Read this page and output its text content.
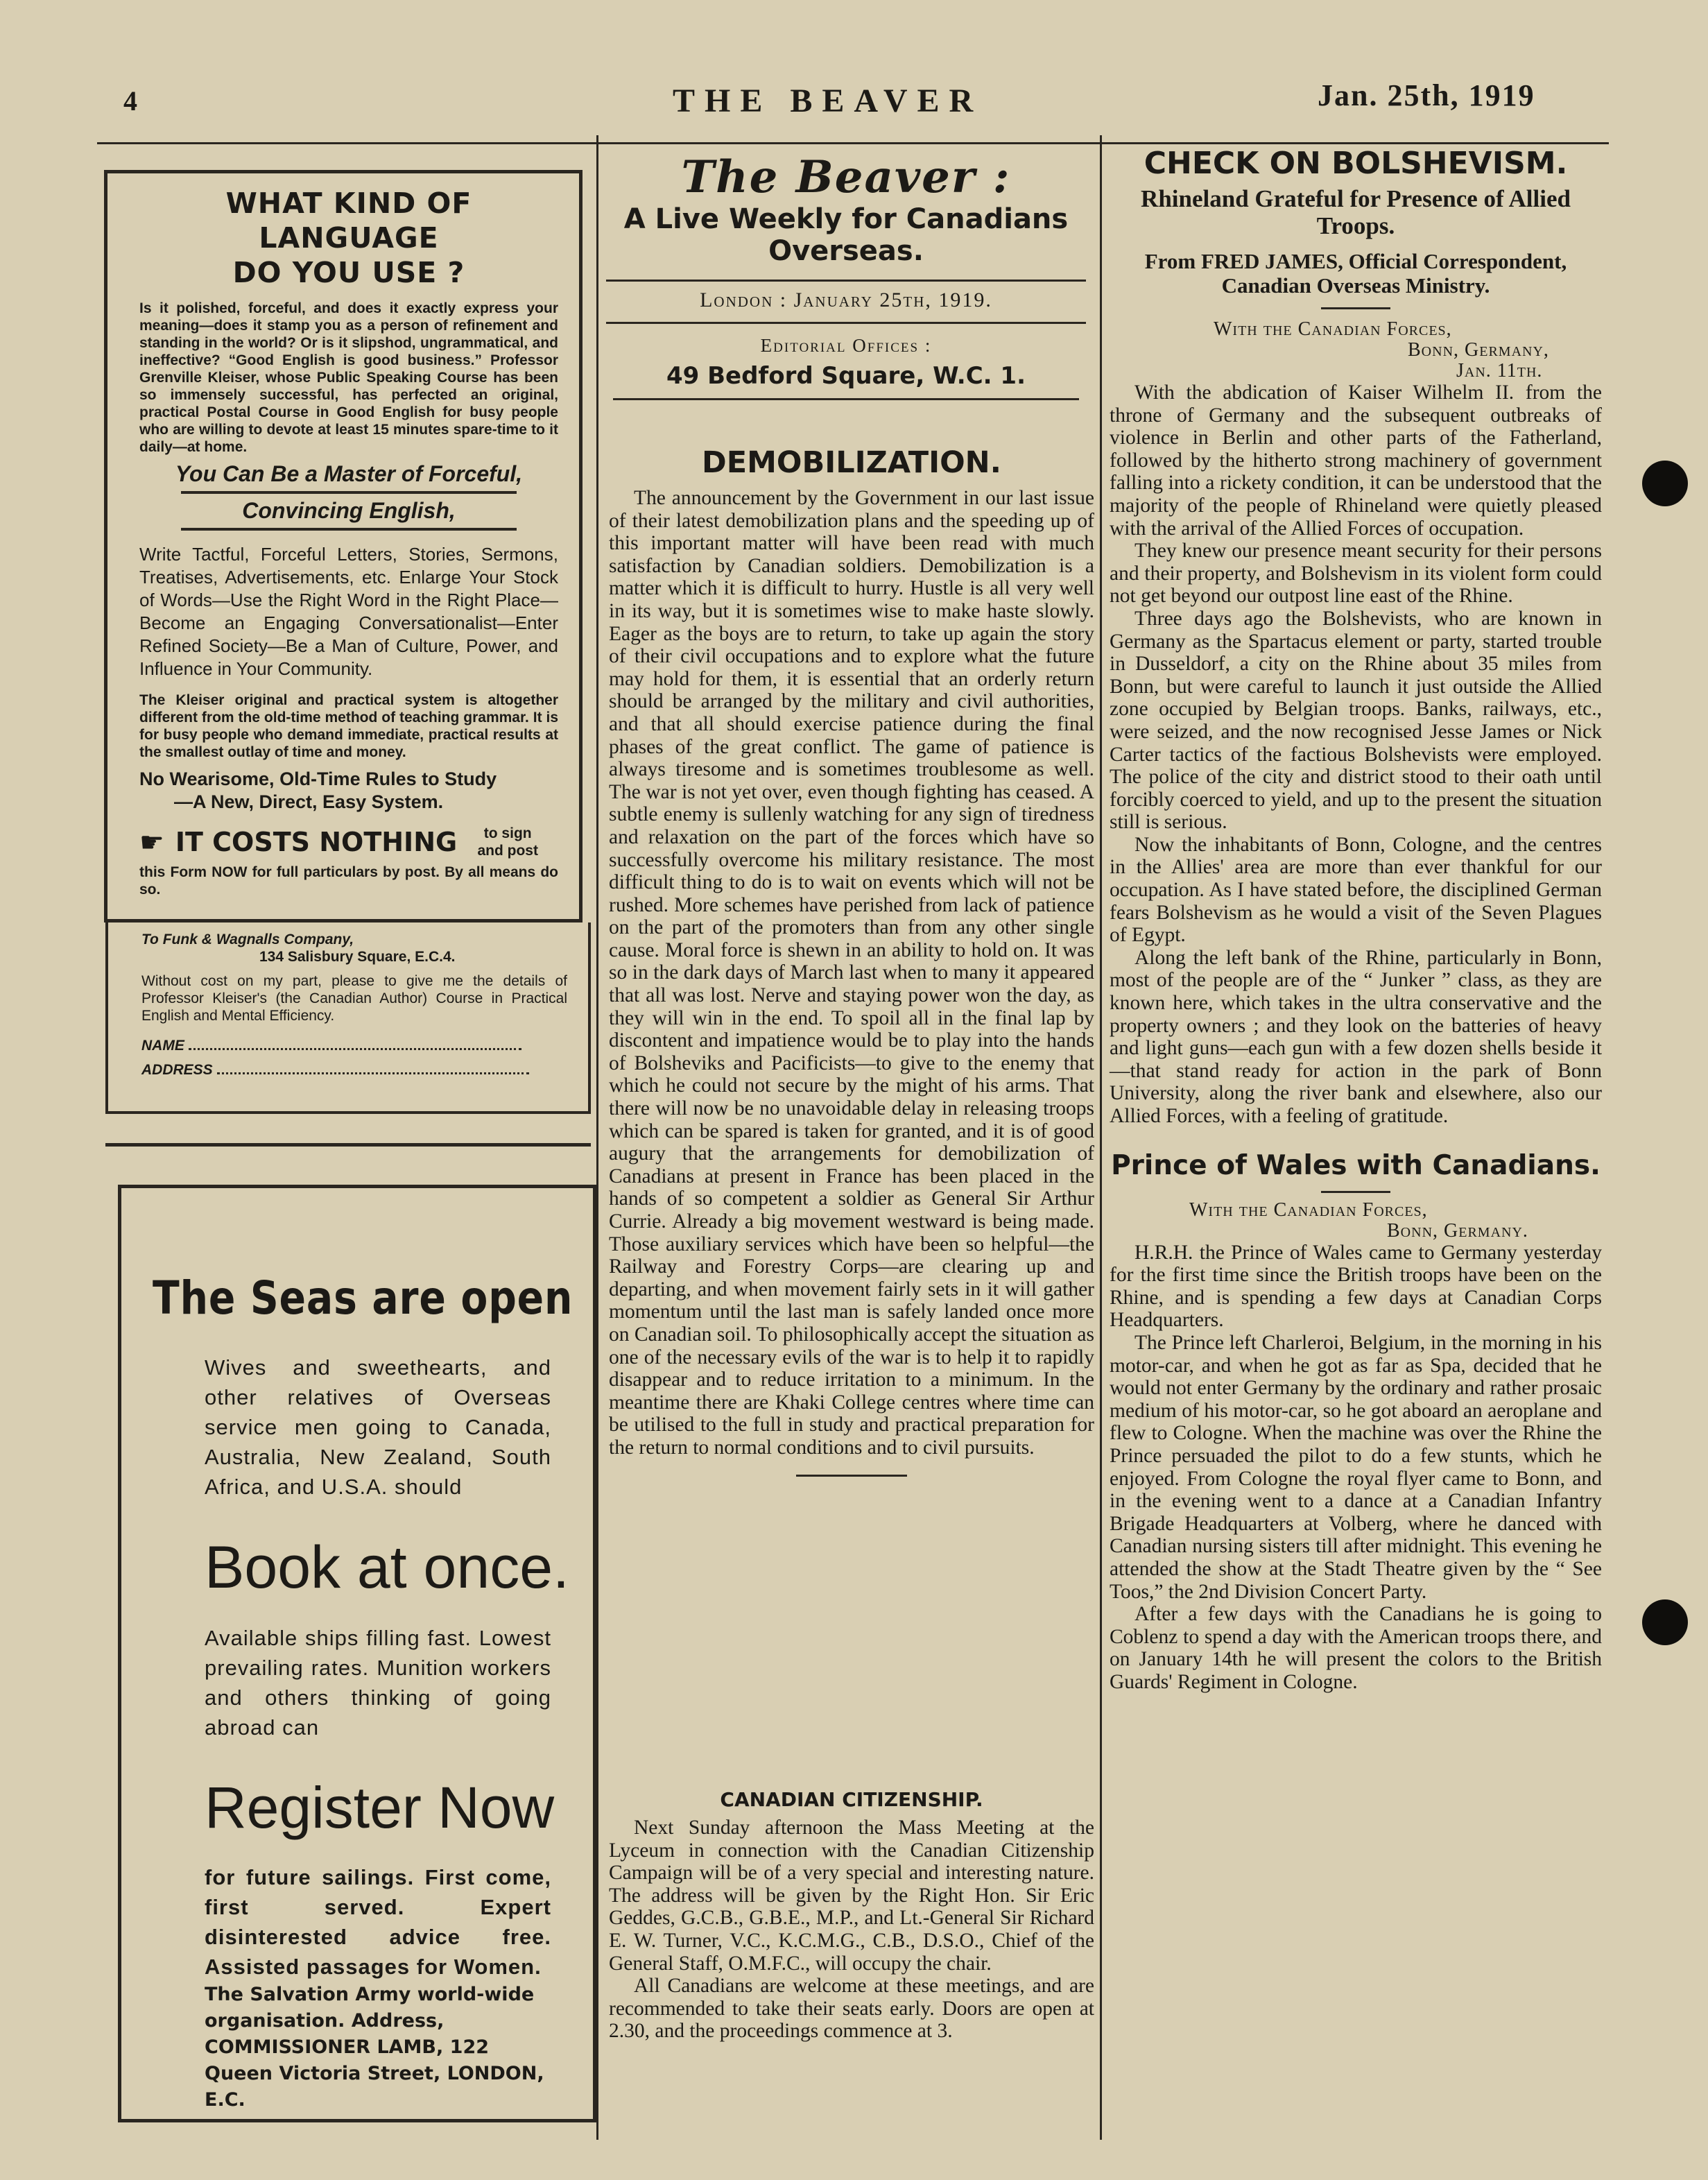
4	THE BEAVER	Jan. 25th, 1919
WHAT KIND OF LANGUAGE
DO YOU USE ?
Is it polished, forceful, and does it exactly express your meaning—does it stamp you as a person of refinement and standing in the world? Or is it slipshod, ungrammatical, and ineffective? “Good English is good business.” Professor Grenville Kleiser, whose Public Speaking Course has been so immensely successful, has perfected an original, practical Postal Course in Good English for busy people who are willing to devote at least 15 minutes spare-time to it daily—at home.
You Can Be a Master of Forceful,
Convincing English,
Write Tactful, Forceful Letters, Stories, Sermons, Treatises, Advertisements, etc. Enlarge Your Stock of Words—Use the Right Word in the Right Place—Become an Engaging Conversationalist—Enter Refined Society—Be a Man of Culture, Power, and Influence in Your Community.
The Kleiser original and practical system is altogether different from the old-time method of teaching grammar. It is for busy people who demand immediate, practical results at the smallest outlay of time and money.
No Wearisome, Old-Time Rules to Study
—A New, Direct, Easy System.
☛ IT COSTS NOTHING	to sign and post
this Form NOW for full particulars by post. By all means do so.
To Funk & Wagnalls Company,
134 Salisbury Square, E.C.4.
Without cost on my part, please to give me the details of Professor Kleiser's (the Canadian Author) Course in Practical English and Mental Efficiency.
NAME
ADDRESS
The Seas are open
Wives and sweethearts, and other relatives of Overseas service men going to Canada, Australia, New Zealand, South Africa, and U.S.A. should
Book at once.
Available ships filling fast. Lowest prevailing rates. Munition workers and others thinking of going abroad can
Register Now
for future sailings. First come, first served. Expert disinterested advice free. Assisted passages for Women.
The Salvation Army world-wide organisation. Address, COMMISSIONER LAMB, 122 Queen Victoria Street, LONDON, E.C.
The Beaver :
A Live Weekly for Canadians Overseas.
London : January 25th, 1919.
Editorial Offices :
49 Bedford Square, W.C. 1.
DEMOBILIZATION.

The announcement by the Government in our last issue of their latest demobilization plans and the speeding up of this important matter will have been read with much satisfaction by Canadian soldiers. Demobilization is a matter which it is difficult to hurry. Hustle is all very well in its way, but it is sometimes wise to make haste slowly. Eager as the boys are to return, to take up again the story of their civil occupations and to explore what the future may hold for them, it is essential that an orderly return should be arranged by the military and civil authorities, and that all should exercise patience during the final phases of the great conflict. The game of patience is always tiresome and is sometimes troublesome as well. The war is not yet over, even though fighting has ceased. A subtle enemy is sullenly watching for any sign of tiredness and relaxation on the part of the forces which have so successfully overcome his military resistance. The most difficult thing to do is to wait on events which will not be rushed. More schemes have perished from lack of patience on the part of the promoters than from any other single cause. Moral force is shewn in an ability to hold on. It was so in the dark days of March last when to many it appeared that all was lost. Nerve and staying power won the day, as they will win in the end. To spoil all in the final lap by discontent and impatience would be to play into the hands of Bolsheviks and Pacificists—to give to the enemy that which he could not secure by the might of his arms. That there will now be no unavoidable delay in releasing troops which can be spared is taken for granted, and it is of good augury that the arrangements for demobilization of Canadians at present in France has been placed in the hands of so competent a soldier as General Sir Arthur Currie. Already a big movement westward is being made. Those auxiliary services which have been so helpful—the Railway and Forestry Corps—are clearing up and departing, and when movement fairly sets in it will gather momentum until the last man is safely landed once more on Canadian soil. To philosophically accept the situation as one of the necessary evils of the war is to help it to rapidly disappear and to reduce irritation to a minimum. In the meantime there are Khaki College centres where time can be utilised to the full in study and practical preparation for the return to normal conditions and to civil pursuits.

CANADIAN CITIZENSHIP.

Next Sunday afternoon the Mass Meeting at the Lyceum in connection with the Canadian Citizenship Campaign will be of a very special and interesting nature. The address will be given by the Right Hon. Sir Eric Geddes, G.C.B., G.B.E., M.P., and Lt.-General Sir Richard E. W. Turner, V.C., K.C.M.G., C.B., D.S.O., Chief of the General Staff, O.M.F.C., will occupy the chair.

All Canadians are welcome at these meetings, and are recommended to take their seats early. Doors are open at 2.30, and the proceedings commence at 3.

CHECK ON BOLSHEVISM.
Rhineland Grateful for Presence of Allied Troops.
From FRED JAMES, Official Correspondent, Canadian Overseas Ministry.
With the Canadian Forces,
Bonn, Germany,
Jan. 11th.

With the abdication of Kaiser Wilhelm II. from the throne of Germany and the subsequent outbreaks of violence in Berlin and other parts of the Fatherland, followed by the hitherto strong machinery of government falling into a rickety condition, it can be understood that the majority of the people of Rhineland were quietly pleased with the arrival of the Allied Forces of occupation.

They knew our presence meant security for their persons and their property, and Bolshevism in its violent form could not get beyond our outpost line east of the Rhine.

Three days ago the Bolshevists, who are known in Germany as the Spartacus element or party, started trouble in Dusseldorf, a city on the Rhine about 35 miles from Bonn, but were careful to launch it just outside the Allied zone occupied by Belgian troops. Banks, railways, etc., were seized, and the now recognised Jesse James or Nick Carter tactics of the factious Bolshevists were employed. The police of the city and district stood to their oath until forcibly coerced to yield, and up to the present the situation still is serious.

Now the inhabitants of Bonn, Cologne, and the centres in the Allies' area are more than ever thankful for our occupation. As I have stated before, the disciplined German fears Bolshevism as he would a visit of the Seven Plagues of Egypt.

Along the left bank of the Rhine, particularly in Bonn, most of the people are of the “ Junker ” class, as they are known here, which takes in the ultra conservative and the property owners ; and they look on the batteries of heavy and light guns—each gun with a few dozen shells beside it—that stand ready for action in the park of Bonn University, along the river bank and elsewhere, also our Allied Forces, with a feeling of gratitude.

Prince of Wales with Canadians.
With the Canadian Forces,
Bonn, Germany.

H.R.H. the Prince of Wales came to Germany yesterday for the first time since the British troops have been on the Rhine, and is spending a few days at Canadian Corps Headquarters.

The Prince left Charleroi, Belgium, in the morning in his motor-car, and when he got as far as Spa, decided that he would not enter Germany by the ordinary and rather prosaic medium of his motor-car, so he got aboard an aeroplane and flew to Cologne. When the machine was over the Rhine the Prince persuaded the pilot to do a few stunts, which he enjoyed. From Cologne the royal flyer came to Bonn, and in the evening went to a dance at a Canadian Infantry Brigade Headquarters at Volberg, where he danced with Canadian nursing sisters till after midnight. This evening he attended the show at the Stadt Theatre given by the “ See Toos,” the 2nd Division Concert Party.

After a few days with the Canadians he is going to Coblenz to spend a day with the American troops there, and on January 14th he will present the colors to the British Guards' Regiment in Cologne.
